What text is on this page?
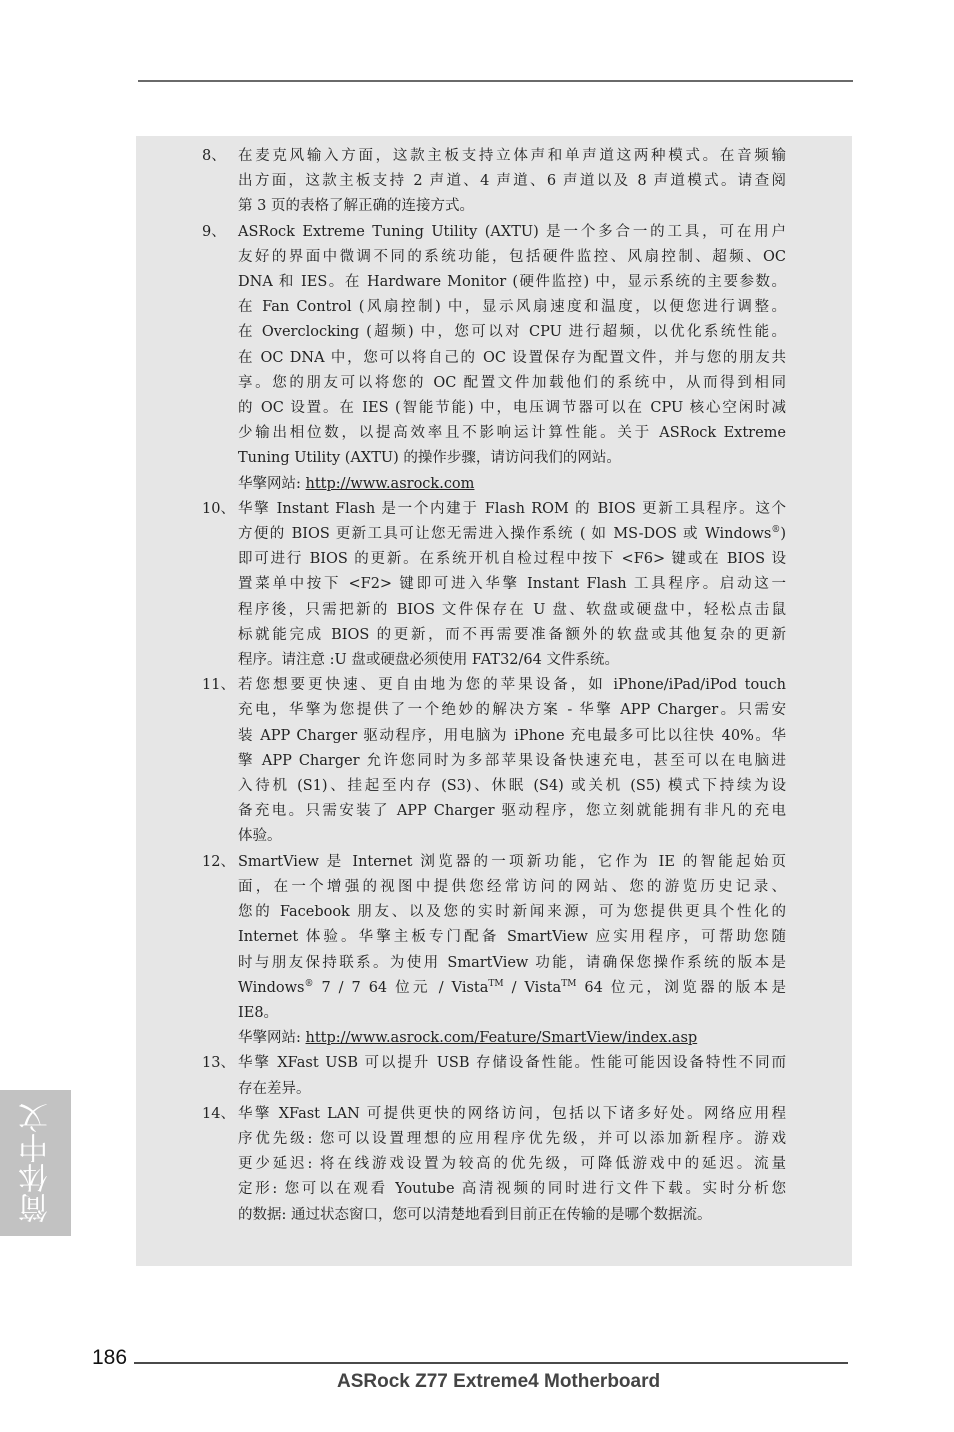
8、 在麦克风输入方面，这款主板支持立体声和单声道这两种模式。在音频输
出方面，这款主板支持 2 声道、4 声道、6 声道以及 8 声道模式。请查阅
第 3 页的表格了解正确的连接方式。
9、 ASRock Extreme Tuning Utility (AXTU) 是一个多合一的工具，可在用户
友好的界面中微调不同的系统功能，包括硬件监控、风扇控制、超频、OC
DNA 和 IES。在 Hardware Monitor (硬件监控) 中，显示系统的主要参数。
在 Fan Control (风扇控制) 中，显示风扇速度和温度，以便您进行调整。
在 Overclocking (超频) 中，您可以对 CPU 进行超频，以优化系统性能。
在 OC DNA 中，您可以将自己的 OC 设置保存为配置文件，并与您的朋友共
享。您的朋友可以将您的 OC 配置文件加载他们的系统中，从而得到相同
的 OC 设置。在 IES (智能节能) 中，电压调节器可以在 CPU 核心空闲时减
少输出相位数，以提高效率且不影响运计算性能。关于 ASRock Extreme
Tuning Utility (AXTU) 的操作步骤，请访问我们的网站。
华擎网站: http://www.asrock.com
10、 华擎 Instant Flash 是一个内建于 Flash ROM 的 BIOS 更新工具程序。这个
方便的 BIOS 更新工具可让您无需进入操作系统 ( 如 MS-DOS 或 Windows®)
即可进行 BIOS 的更新。在系统开机自检过程中按下 <F6> 键或在 BIOS 设
置菜单中按下 <F2> 键即可进入华擎 Instant Flash 工具程序。启动这一
程序後，只需把新的 BIOS 文件保存在 U 盘、软盘或硬盘中，轻松点击鼠
标就能完成 BIOS 的更新，而不再需要准备额外的软盘或其他复杂的更新
程序。请注意 :U 盘或硬盘必须使用 FAT32/64 文件系统。
11、 若您想要更快速、更自由地为您的苹果设备，如 iPhone/iPad/iPod touch
充电，华擎为您提供了一个绝妙的解决方案 - 华擎 APP Charger。只需安
装 APP Charger 驱动程序，用电脑为 iPhone 充电最多可比以往快 40%。华
擎 APP Charger 允许您同时为多部苹果设备快速充电，甚至可以在电脑进
入待机 (S1)、挂起至内存 (S3)、休眠 (S4) 或关机 (S5) 模式下持续为设
备充电。只需安装了 APP Charger 驱动程序，您立刻就能拥有非凡的充电
体验。
12、 SmartView 是 Internet 浏览器的一项新功能，它作为 IE 的智能起始页
面，在一个增强的视图中提供您经常访问的网站、您的游览历史记录、
您的 Facebook 朋友、以及您的实时新闻来源，可为您提供更具个性化的
Internet 体验。华擎主板专门配备 SmartView 应实用程序，可帮助您随
时与朋友保持联系。为使用 SmartView 功能，请确保您操作系统的版本是
Windows® 7 / 7 64 位元 / Vista™ / Vista™ 64 位元，浏览器的版本是
IE8。
华擎网站: http://www.asrock.com/Feature/SmartView/index.asp
13、 华擎 XFast USB 可以提升 USB 存储设备性能。性能可能因设备特性不同而
存在差异。
14、 华擎 XFast LAN 可提供更快的网络访问，包括以下诸多好处。网络应用程
序优先级: 您可以设置理想的应用程序优先级，并可以添加新程序。游戏
更少延迟: 将在线游戏设置为较高的优先级，可降低游戏中的延迟。流量
定形: 您可以在观看 Youtube 高清视频的同时进行文件下载。实时分析您
的数据: 通过状态窗口，您可以清楚地看到目前正在传输的是哪个数据流。
简体中文
186
ASRock Z77 Extreme4 Motherboard
